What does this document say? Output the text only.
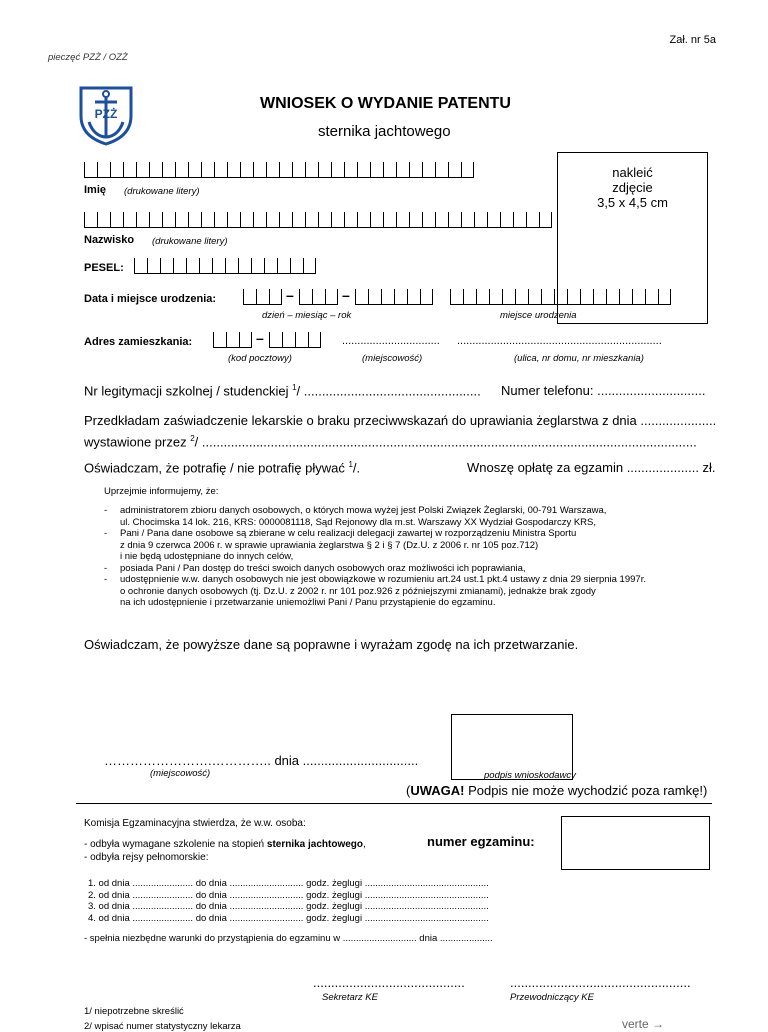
Zał. nr 5a
pieczęć PZŻ / OZŻ
PZŻ
WNIOSEK O WYDANIE PATENTU
sternika jachtowego
nakleić
zdjęcie
3,5 x 4,5 cm
Imię (drukowane litery)
Nazwisko (drukowane litery)
PESEL:
Data i miejsce urodzenia:	–	–
dzień – miesiąc – rok	miejsce urodzenia
Adres zamieszkania:	–	................................ ...................................................................
(kod pocztowy)	(miejscowość)	(ulica, nr domu, nr mieszkania)
Nr legitymacji szkolnej / studenckiej $^1$/ ................................................. Numer telefonu: ..............................
Przedkładam zaświadczenie lekarskie o braku przeciwwskazań do uprawiania żeglarstwa z dnia .....................
wystawione przez $^2$/ .........................................................................................................................................
Oświadczam, że potrafię / nie potrafię pływać $^1$/.	Wnoszę opłatę za egzamin .................... zł.
Uprzejmie informujemy, że:
- administratorem zbioru danych osobowych, o których mowa wyżej jest Polski Związek Żeglarski, 00-791 Warszawa,
ul. Chocimska 14 lok. 216, KRS: 0000081118, Sąd Rejonowy dla m.st. Warszawy XX Wydział Gospodarczy KRS,
- Pani / Pana dane osobowe są zbierane w celu realizacji delegacji zawartej w rozporządzeniu Ministra Sportu
z dnia 9 czerwca 2006 r. w sprawie uprawiania żeglarstwa § 2 i § 7 (Dz.U. z 2006 r. nr 105 poz.712)
i nie będą udostępniane do innych celów,
- posiada Pani / Pan dostęp do treści swoich danych osobowych oraz możliwości ich poprawiania,
- udostępnienie w.w. danych osobowych nie jest obowiązkowe w rozumieniu art.24 ust.1 pkt.4 ustawy z dnia 29 sierpnia 1997r.
o ochronie danych osobowych (tj. Dz.U. z 2002 r. nr 101 poz.926 z późniejszymi zmianami), jednakże brak zgody
na ich udostępnienie i przetwarzanie uniemożliwi Pani / Panu przystąpienie do egzaminu.
Oświadczam, że powyższe dane są poprawne i wyrażam zgodę na ich przetwarzanie.
…………………….………….. dnia ................................
(miejscowość)	podpis wnioskodawcy
(UWAGA! Podpis nie może wychodzić poza ramkę!)
Komisja Egzaminacyjna stwierdza, że w.w. osoba:
numer egzaminu:
- odbyła wymagane szkolenie na stopień sternika jachtowego,
- odbyła rejsy pełnomorskie:
1. od dnia ....................... do dnia ............................ godz. żeglugi ...............................................
2. od dnia ....................... do dnia ............................ godz. żeglugi ...............................................
3. od dnia ....................... do dnia ............................ godz. żeglugi ...............................................
4. od dnia ....................... do dnia ............................ godz. żeglugi ...............................................
- spełnia niezbędne warunki do przystąpienia do egzaminu w ............................ dnia ....................
..........................................
Sekretarz KE
..................................................
Przewodniczący KE
1/ niepotrzebne skreślić
2/ wpisać numer statystyczny lekarza	verte →
